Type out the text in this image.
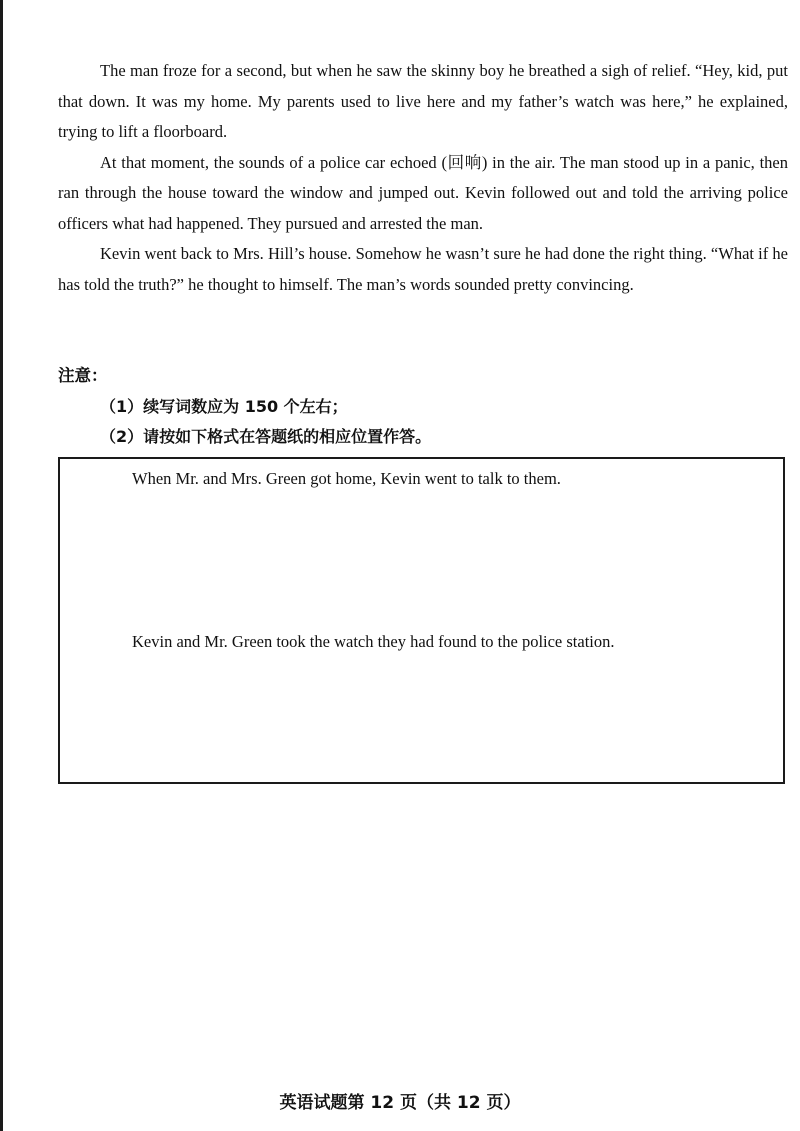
The man froze for a second, but when he saw the skinny boy he breathed a sigh of relief. “Hey, kid, put that down. It was my home. My parents used to live here and my father’s watch was here,” he explained, trying to lift a floorboard.

At that moment, the sounds of a police car echoed (回响) in the air. The man stood up in a panic, then ran through the house toward the window and jumped out. Kevin followed out and told the arriving police officers what had happened. They pursued and arrested the man.

Kevin went back to Mrs. Hill’s house. Somehow he wasn’t sure he had done the right thing. “What if he has told the truth?” he thought to himself. The man’s words sounded pretty convincing.

注意：
（1）续写词数应为 150 个左右；
（2）请按如下格式在答题纸的相应位置作答。
When Mr. and Mrs. Green got home, Kevin went to talk to them.
Kevin and Mr. Green took the watch they had found to the police station.
英语试题第 12 页（共 12 页）
